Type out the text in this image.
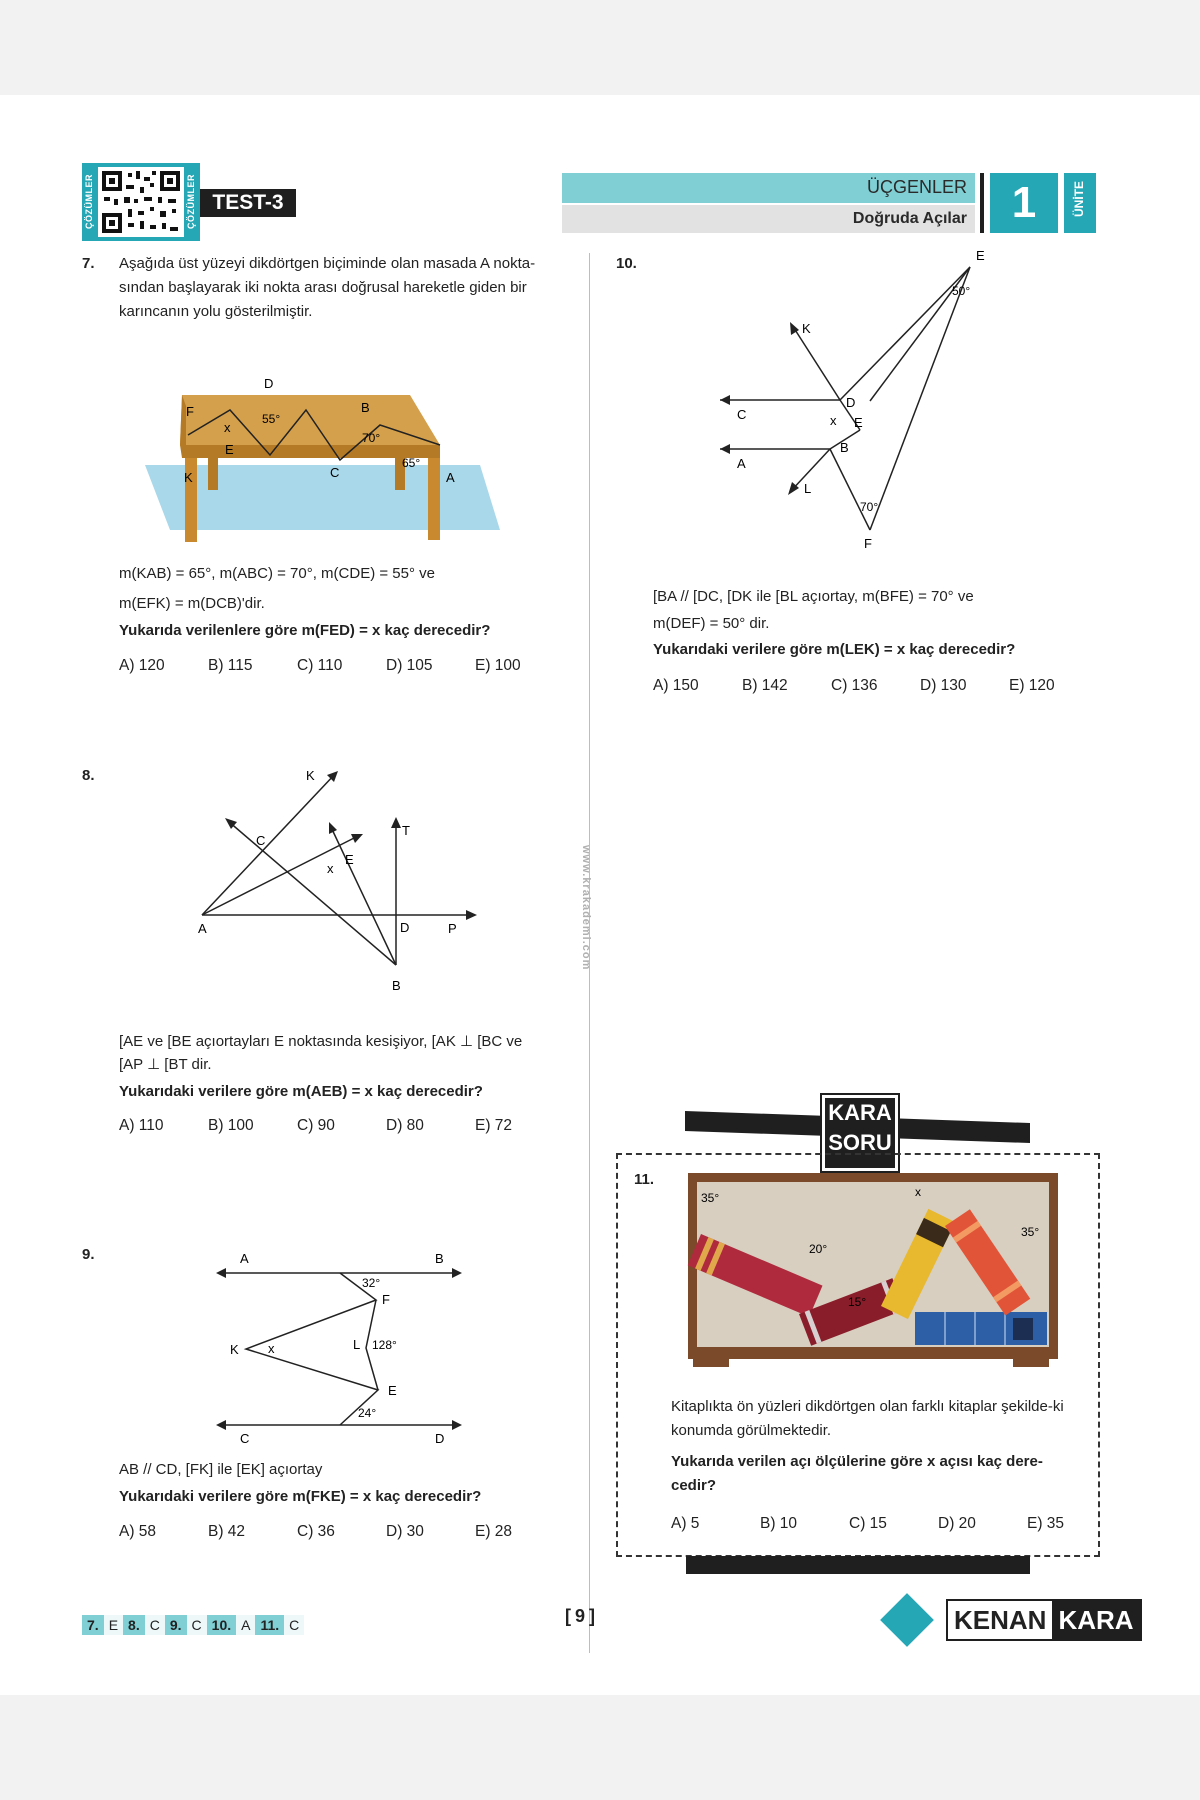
ÇÖZÜMLER	ÇÖZÜMLER TEST-3
ÜÇGENLER
Doğruda Açılar	1	ÜNİTE
www.krakademi.com
7. Aşağıda üst yüzeyi dikdörtgen biçiminde olan masada A nokta-sından başlayarak iki nokta arası doğrusal hareketle giden bir karıncanın yolu gösterilmiştir.
D
F	B
x
E
C
K	A
55°
70°
65°
m(KAB) = 65°, m(ABC) = 70°, m(CDE) = 55° ve
m(EFK) = m(DCB)'dir.
Yukarıda verilenlere göre m(FED) = x kaç derecedir?
A) 120	B) 115	C) 110	D) 105	E) 100
10.	E
K
C
D
x E
A
B
L
F
50°
70°
[BA // [DC, [DK ile [BL açıortay, m(BFE) = 70° ve
m(DEF) = 50° dir.
Yukarıdaki verilere göre m(LEK) = x kaç derecedir?
A) 150	B) 142	C) 136	D) 130	E) 120
8.	K
C
T
E
x
A	D	P
B
[AE ve [BE açıortayları E noktasında kesişiyor, [AK ⊥ [BC ve
[AP ⊥ [BT dir.
Yukarıdaki verilere göre m(AEB) = x kaç derecedir?
A) 110	B) 100	C) 90	D) 80	E) 72
9.	A	B
F
K x	L
E
C	D
32°
128°
24°
AB // CD, [FK] ile [EK] açıortay
Yukarıdaki verilere göre m(FKE) = x kaç derecedir?
A) 58	B) 42	C) 36	D) 30	E) 28
KARA
SORU
11.
35°
20°
15°
x
35°
Kitaplıkta ön yüzleri dikdörtgen olan farklı kitaplar şekilde-ki konumda görülmektedir.
Yukarıda verilen açı ölçülerine göre x açısı kaç dere-cedir?
A) 5	B) 10	C) 15	D) 20	E) 35
7. E 8. C 9. C 10. A 11. C	[9]	KENAN KARA
